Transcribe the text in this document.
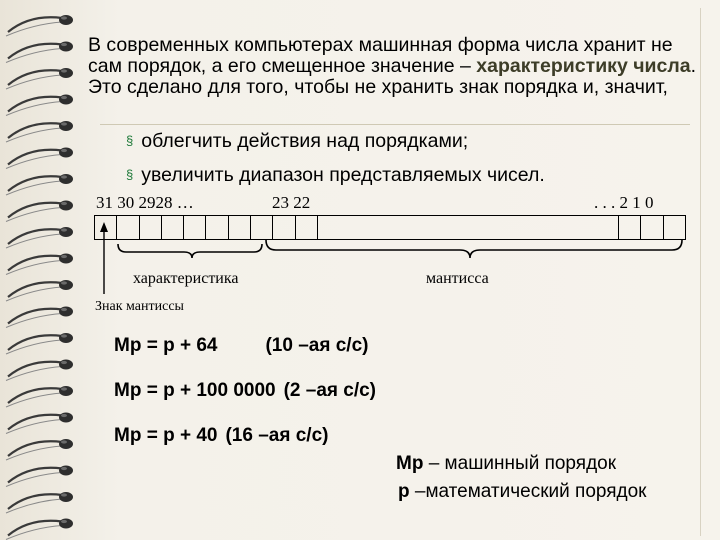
В современных компьютерах машинная форма числа хранит не сам порядок, а его смещенное значение – характеристику числа. Это сделано для того, чтобы не хранить знак порядка и, значит,
§ облегчить действия над порядками;
§ увеличить диапазон представляемых чисел.
31 30 2928 …	23 22	. . . 2 1 0
характеристика	мантисса
Знак мантиссы
Mp = p + 64	(10 –ая с/с)
Mp = p + 100 0000 (2 –ая с/с)
Mp = p + 40 (16 –ая с/с)
Mp – машинный порядок
p –математический порядок
